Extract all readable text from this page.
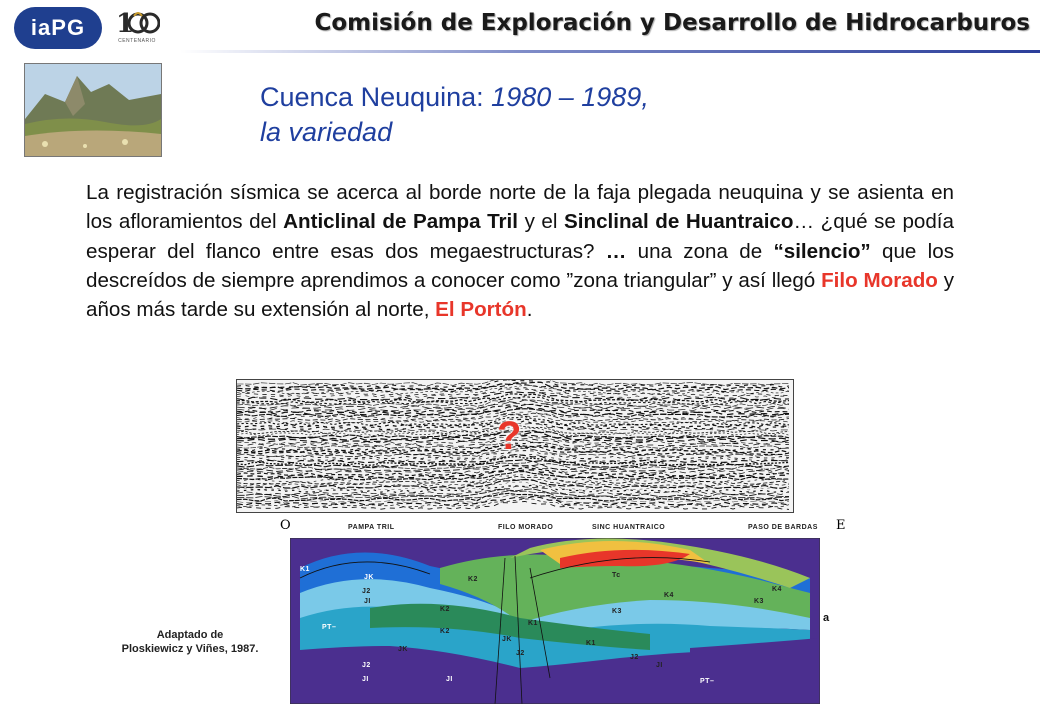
iaPG	1
CENTENARIO
Comisión de Exploración y Desarrollo de Hidrocarburos
Cuenca Neuquina: 1980 – 1989,
la variedad
La registración sísmica se acerca al borde norte de la faja plegada neuquina y se asienta en los afloramientos del Anticlinal de Pampa Tril y el Sinclinal de Huantraico… ¿qué se podía esperar del flanco entre esas dos megaestructuras? … una zona de “silencio” que los descreídos de siempre aprendimos a conocer como ”zona triangular” y así llegó Filo Morado y años más tarde su extensión al norte, El Portón.
?
O	E
PAMPA TRIL	FILO MORADO	SINC HUANTRAICO	PASO DE BARDAS
K1
JK
J2
JI
PT–
K2
K2
K2
K3
K4
Tc
K1
K4
K3
JK
J2
JK
K1
J2
JI
J2
JI	JI	PT–
a
Adaptado de
Ploskiewicz y Viñes, 1987.
